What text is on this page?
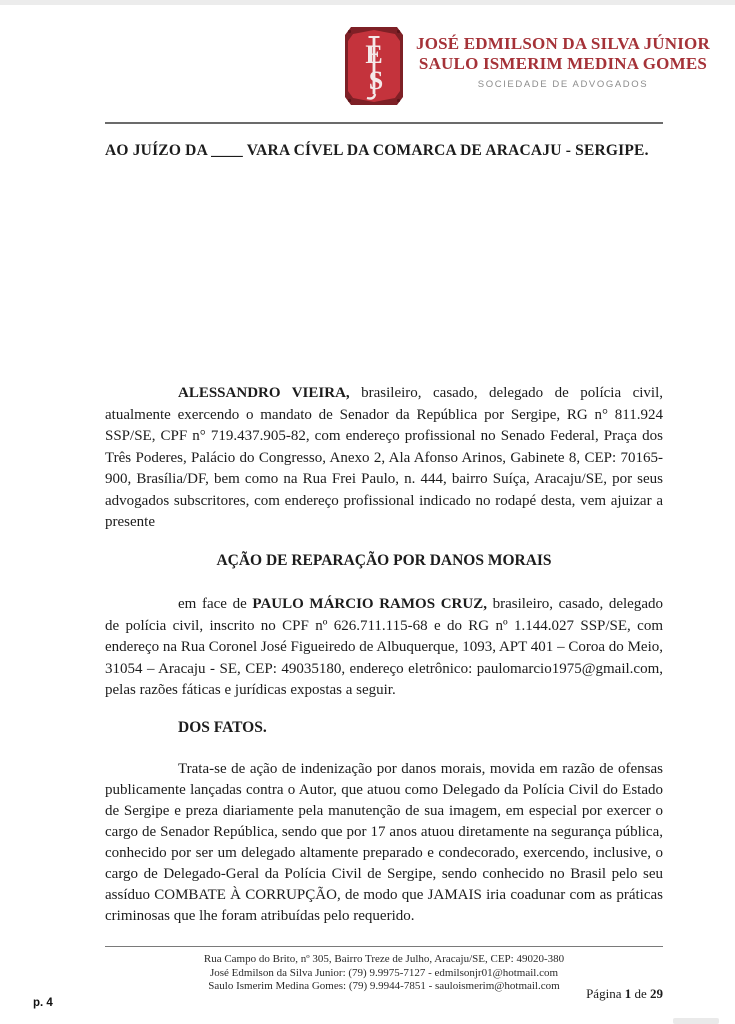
E
S
JOSÉ EDMILSON DA SILVA JÚNIOR
SAULO ISMERIM MEDINA GOMES
SOCIEDADE DE ADVOGADOS
AO JUÍZO DA ____ VARA CÍVEL DA COMARCA DE ARACAJU - SERGIPE.

ALESSANDRO VIEIRA, brasileiro, casado, delegado de polícia civil, atualmente exercendo o mandato de Senador da República por Sergipe, RG n° 811.924 SSP/SE, CPF n° 719.437.905-82, com endereço profissional no Senado Federal, Praça dos Três Poderes, Palácio do Congresso, Anexo 2, Ala Afonso Arinos, Gabinete 8, CEP: 70165-900, Brasília/DF, bem como na Rua Frei Paulo, n. 444, bairro Suíça, Aracaju/SE, por seus advogados subscritores, com endereço profissional indicado no rodapé desta, vem ajuizar a presente

AÇÃO DE REPARAÇÃO POR DANOS MORAIS

em face de PAULO MÁRCIO RAMOS CRUZ, brasileiro, casado, delegado de polícia civil, inscrito no CPF nº 626.711.115-68 e do RG nº 1.144.027 SSP/SE, com endereço na Rua Coronel José Figueiredo de Albuquerque, 1093, APT 401 – Coroa do Meio, 31054 – Aracaju - SE, CEP: 49035180, endereço eletrônico: paulomarcio1975@gmail.com, pelas razões fáticas e jurídicas expostas a seguir.

DOS FATOS.

Trata-se de ação de indenização por danos morais, movida em razão de ofensas publicamente lançadas contra o Autor, que atuou como Delegado da Polícia Civil do Estado de Sergipe e preza diariamente pela manutenção de sua imagem, em especial por exercer o cargo de Senador República, sendo que por 17 anos atuou diretamente na segurança pública, conhecido por ser um delegado altamente preparado e condecorado, exercendo, inclusive, o cargo de Delegado-Geral da Polícia Civil de Sergipe, sendo conhecido no Brasil pelo seu assíduo COMBATE À CORRUPÇÃO, de modo que JAMAIS iria coadunar com as práticas criminosas que lhe foram atribuídas pelo requerido.

Rua Campo do Brito, nº 305, Bairro Treze de Julho, Aracaju/SE, CEP: 49020-380
José Edmilson da Silva Junior: (79) 9.9975-7127 - edmilsonjr01@hotmail.com
Saulo Ismerim Medina Gomes: (79) 9.9944-7851 - sauloismerim@hotmail.com	Página 1 de 29
p. 4
